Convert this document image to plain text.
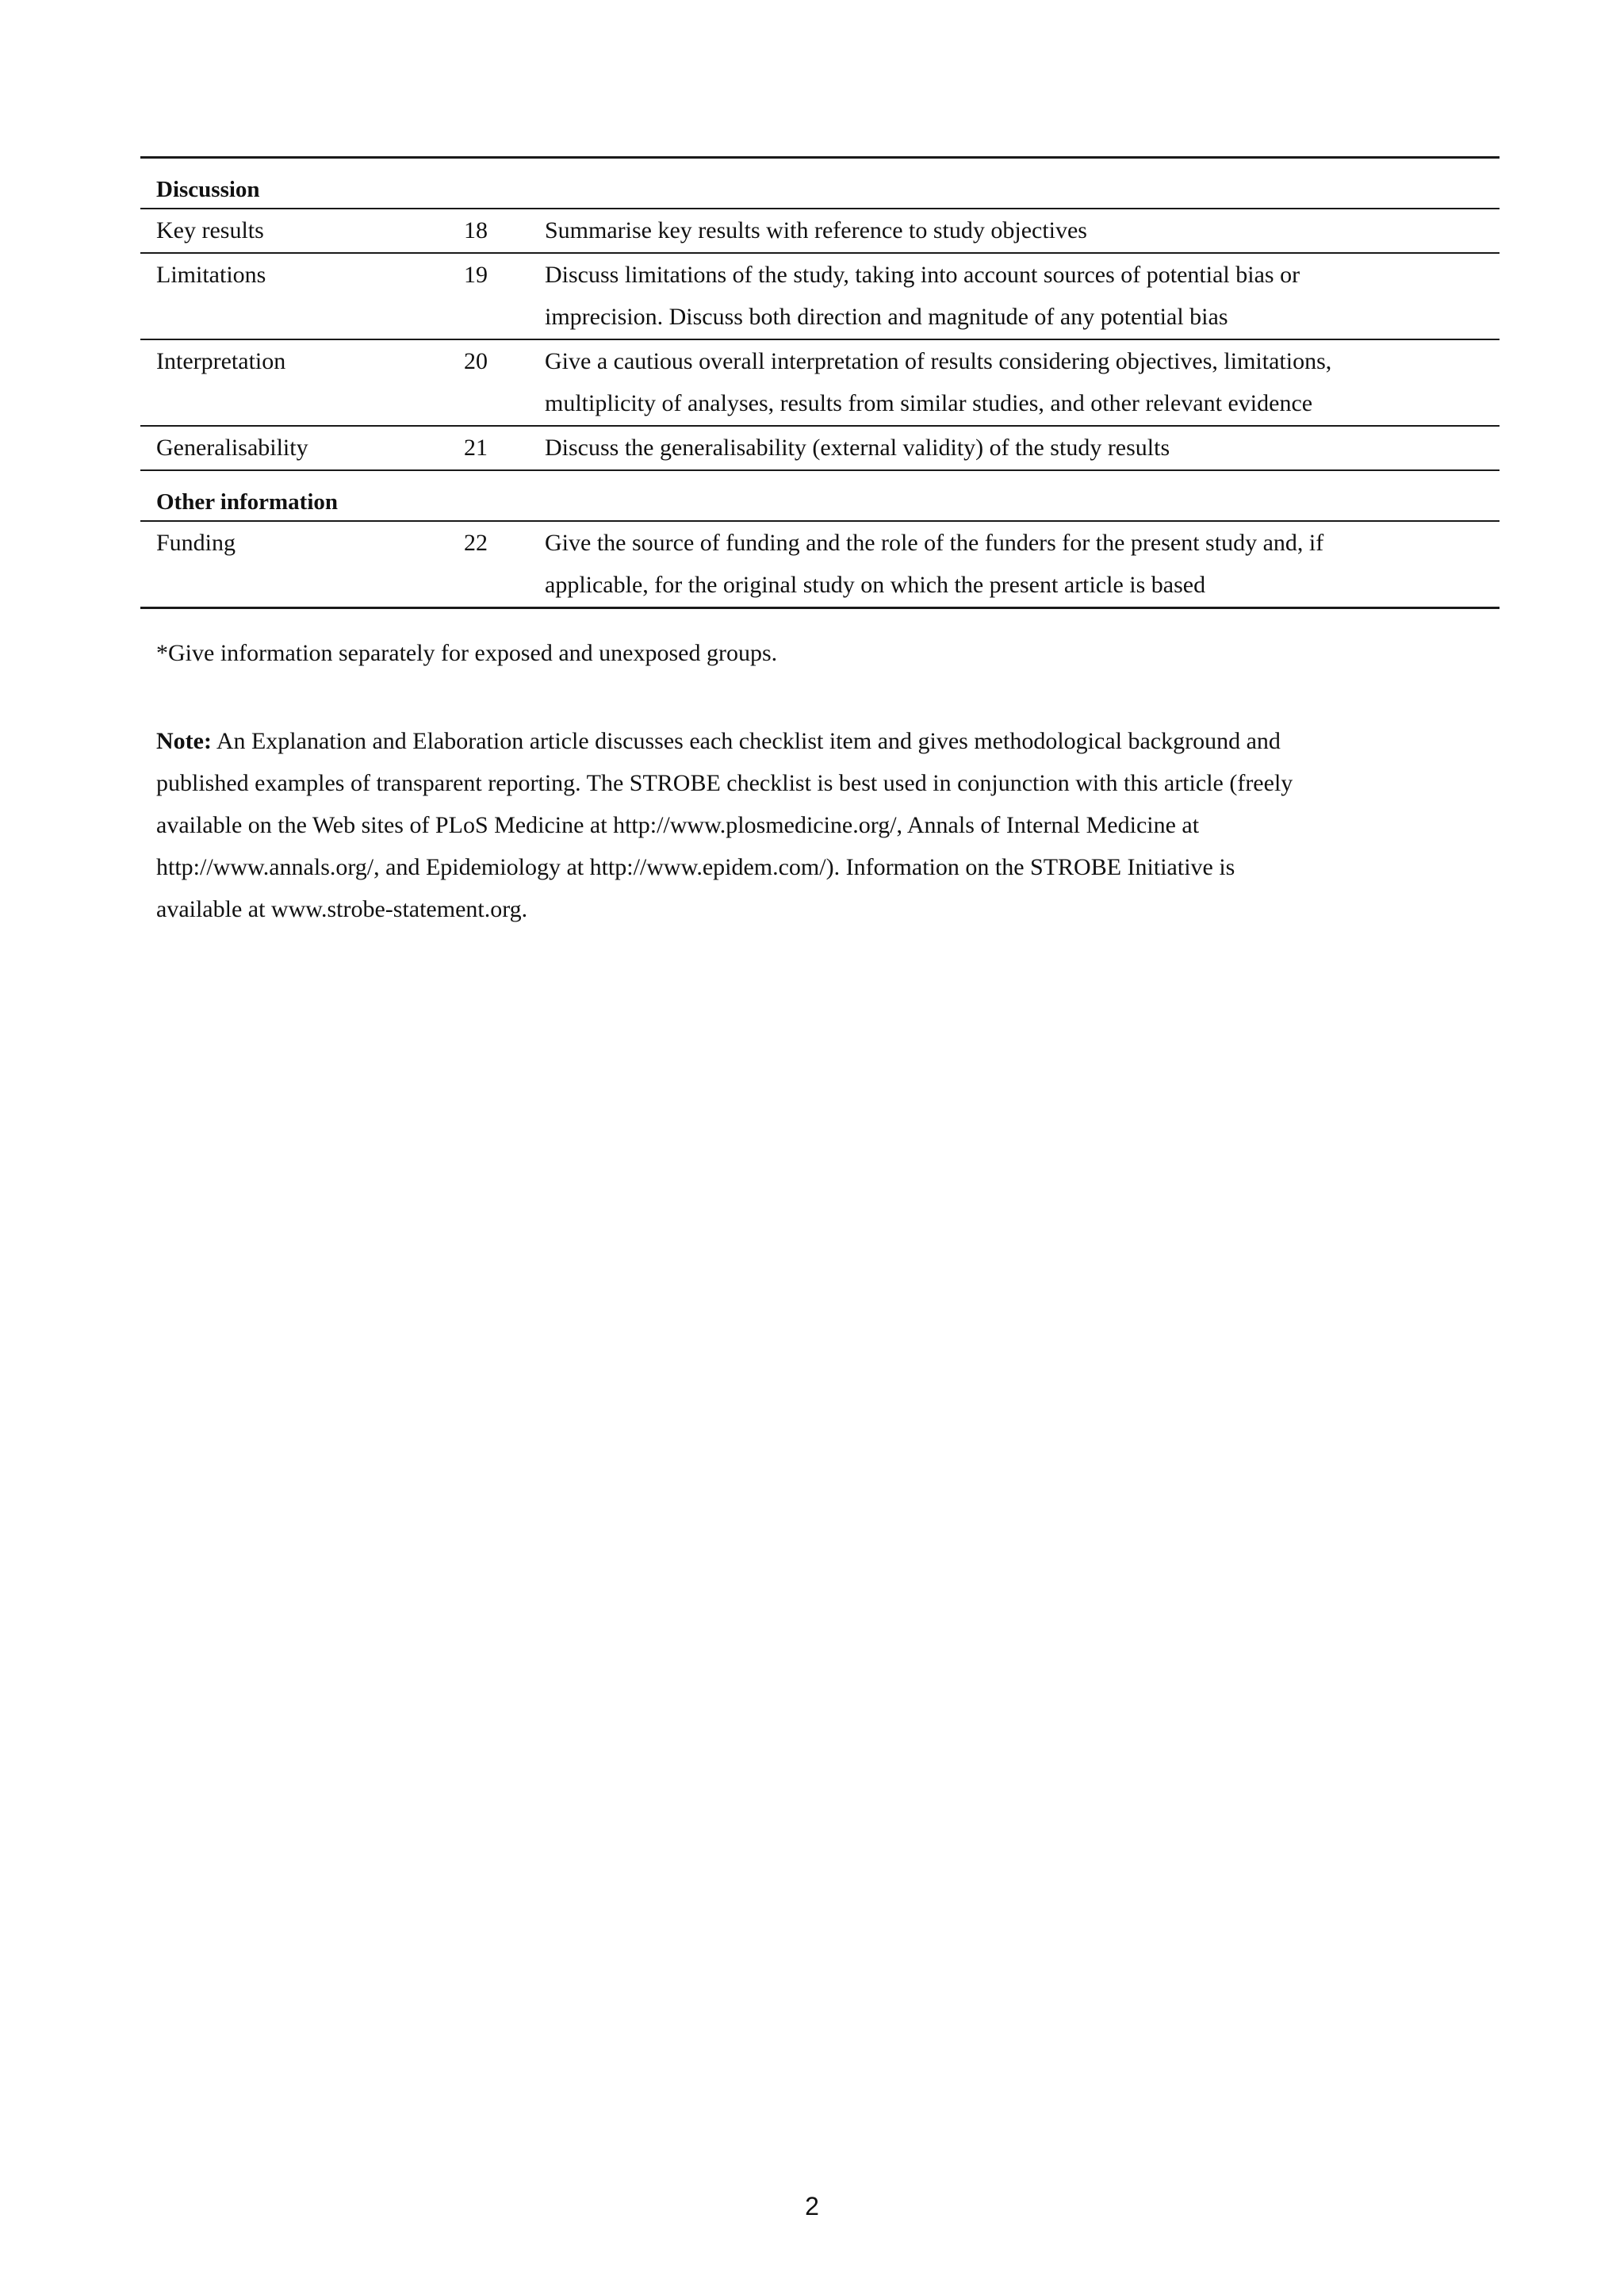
Discussion
Key results	18	Summarise key results with reference to study objectives
Limitations	19	Discuss limitations of the study, taking into account sources of potential bias or
imprecision. Discuss both direction and magnitude of any potential bias
Interpretation	20	Give a cautious overall interpretation of results considering objectives, limitations,
multiplicity of analyses, results from similar studies, and other relevant evidence
Generalisability	21	Discuss the generalisability (external validity) of the study results
Other information
Funding	22	Give the source of funding and the role of the funders for the present study and, if
applicable, for the original study on which the present article is based
*Give information separately for exposed and unexposed groups.
Note: An Explanation and Elaboration article discusses each checklist item and gives methodological background and
published examples of transparent reporting. The STROBE checklist is best used in conjunction with this article (freely
available on the Web sites of PLoS Medicine at http://www.plosmedicine.org/, Annals of Internal Medicine at
http://www.annals.org/, and Epidemiology at http://www.epidem.com/). Information on the STROBE Initiative is
available at www.strobe-statement.org.
2
